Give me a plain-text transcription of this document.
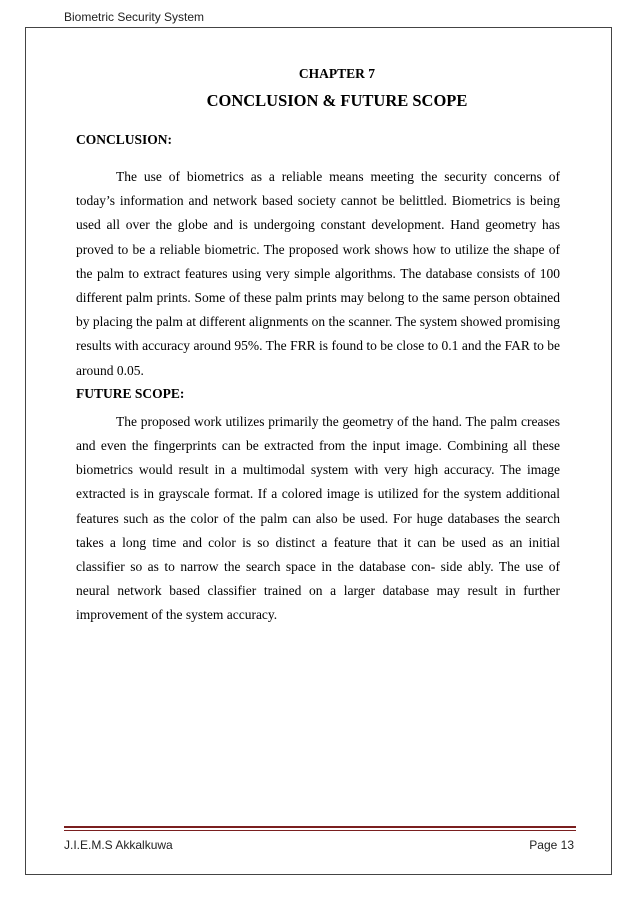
Biometric Security System
CHAPTER 7
CONCLUSION & FUTURE SCOPE

CONCLUSION:

The use of biometrics as a reliable means meeting the security concerns of today’s information and network based society cannot be belittled. Biometrics is being used all over the globe and is undergoing constant development. Hand geometry has proved to be a reliable biometric. The proposed work shows how to utilize the shape of the palm to extract features using very simple algorithms. The database consists of 100 different palm prints. Some of these palm prints may belong to the same person obtained by placing the palm at different alignments on the scanner. The system showed promising results with accuracy around 95%. The FRR is found to be close to 0.1 and the FAR to be around 0.05.

FUTURE SCOPE:

The proposed work utilizes primarily the geometry of the hand. The palm creases and even the fingerprints can be extracted from the input image. Combining all these biometrics would result in a multimodal system with very high accuracy. The image extracted is in grayscale format. If a colored image is utilized for the system additional features such as the color of the palm can also be used. For huge databases the search takes a long time and color is so distinct a feature that it can be used as an initial classifier so as to narrow the search space in the database con- side ably. The use of neural network based classifier trained on a larger database may result in further improvement of the system accuracy.

J.I.E.M.S Akkalkuwa	Page 13
